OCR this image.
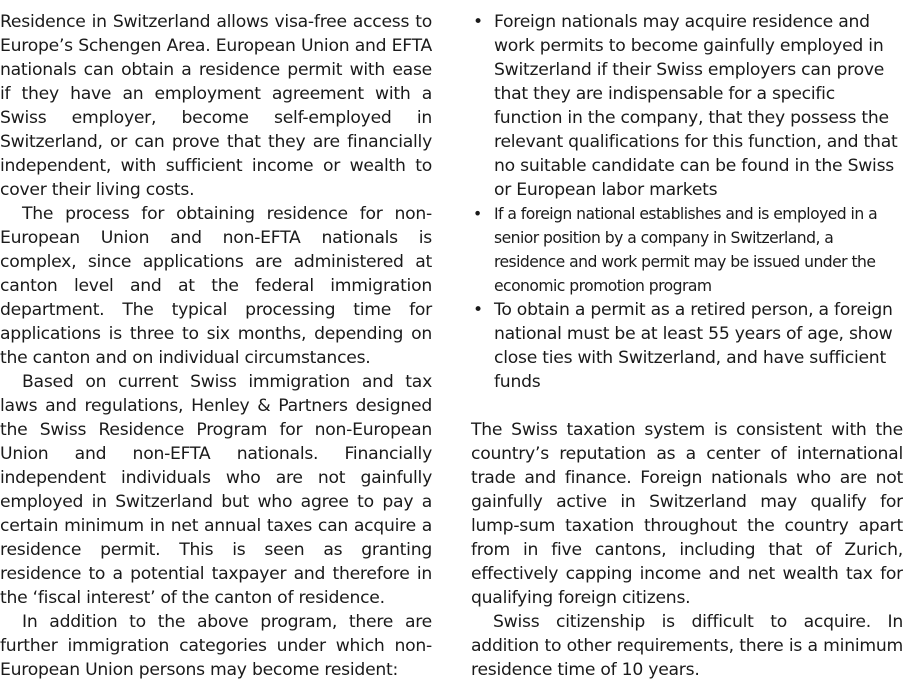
Residence in Switzerland allows visa-free access to Europe’s Schengen Area. European Union and EFTA nationals can obtain a residence permit with ease if they have an employment agreement with a Swiss employer, become self-employed in Switzerland, or can prove that they are financially independent, with sufficient income or wealth to cover their living costs.

The process for obtaining residence for non-European Union and non-EFTA nationals is complex, since applications are administered at canton level and at the federal immigration department. The typical processing time for applications is three to six months, depending on the canton and on individual circumstances.

Based on current Swiss immigration and tax laws and regulations, Henley & Partners designed the Swiss Residence Program for non-European Union and non-EFTA nationals. Financially independent individuals who are not gainfully employed in Switzerland but who agree to pay a certain minimum in net annual taxes can acquire a residence permit. This is seen as granting residence to a potential taxpayer and therefore in the ‘fiscal interest’ of the canton of residence.

In addition to the above program, there are further immigration categories under which non-European Union persons may become resident:

• Foreign nationals may acquire residence and work permits to become gainfully employed in Switzerland if their Swiss employers can prove that they are indispensable for a specific function in the company, that they possess the relevant qualifications for this function, and that no suitable candidate can be found in the Swiss or European labor markets
• If a foreign national establishes and is employed in a senior position by a company in Switzerland, a residence and work permit may be issued under the economic promotion program
• To obtain a permit as a retired person, a foreign national must be at least 55 years of age, show close ties with Switzerland, and have sufficient funds

The Swiss taxation system is consistent with the country’s reputation as a center of international trade and finance. Foreign nationals who are not gainfully active in Switzerland may qualify for lump-sum taxation throughout the country apart from in five cantons, including that of Zurich, effectively capping income and net wealth tax for qualifying foreign citizens.

Swiss citizenship is difficult to acquire. In addition to other requirements, there is a minimum residence time of 10 years.
